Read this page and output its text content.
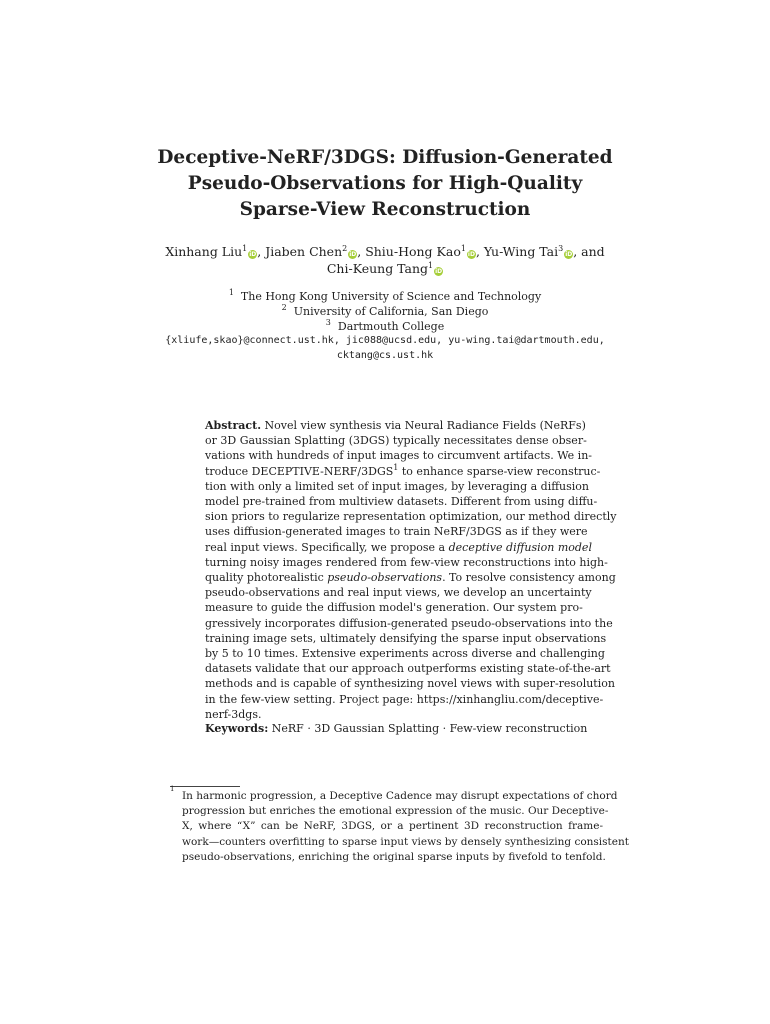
Deceptive-NeRF/3DGS: Diffusion-Generated
Pseudo-Observations for High-Quality
Sparse-View Reconstruction
Xinhang Liu$^1$iD, Jiaben Chen$^2$iD, Shiu-Hong Kao$^1$iD, Yu-Wing Tai$^3$iD, and
Chi-Keung Tang$^1$iD
$^1$ The Hong Kong University of Science and Technology
$^2$ University of California, San Diego
$^3$ Dartmouth College
{xliufe,skao}@connect.ust.hk, jic088@ucsd.edu, yu-wing.tai@dartmouth.edu,
cktang@cs.ust.hk
Abstract. Novel view synthesis via Neural Radiance Fields (NeRFs)
or 3D Gaussian Splatting (3DGS) typically necessitates dense obser-
vations with hundreds of input images to circumvent artifacts. We in-
troduce DECEPTIVE-NERF/3DGS$^1$ to enhance sparse-view reconstruc-
tion with only a limited set of input images, by leveraging a diffusion
model pre-trained from multiview datasets. Different from using diffu-
sion priors to regularize representation optimization, our method directly
uses diffusion-generated images to train NeRF/3DGS as if they were
real input views. Specifically, we propose a deceptive diffusion model
turning noisy images rendered from few-view reconstructions into high-
quality photorealistic pseudo-observations. To resolve consistency among
pseudo-observations and real input views, we develop an uncertainty
measure to guide the diffusion model's generation. Our system pro-
gressively incorporates diffusion-generated pseudo-observations into the
training image sets, ultimately densifying the sparse input observations
by 5 to 10 times. Extensive experiments across diverse and challenging
datasets validate that our approach outperforms existing state-of-the-art
methods and is capable of synthesizing novel views with super-resolution
in the few-view setting. Project page: https://xinhangliu.com/deceptive-
nerf-3dgs.
Keywords: NeRF · 3D Gaussian Splatting · Few-view reconstruction
1
In harmonic progression, a Deceptive Cadence may disrupt expectations of chord
progression but enriches the emotional expression of the music. Our Deceptive-
X, where “X” can be NeRF, 3DGS, or a pertinent 3D reconstruction frame-
work—counters overfitting to sparse input views by densely synthesizing consistent
pseudo-observations, enriching the original sparse inputs by fivefold to tenfold.
